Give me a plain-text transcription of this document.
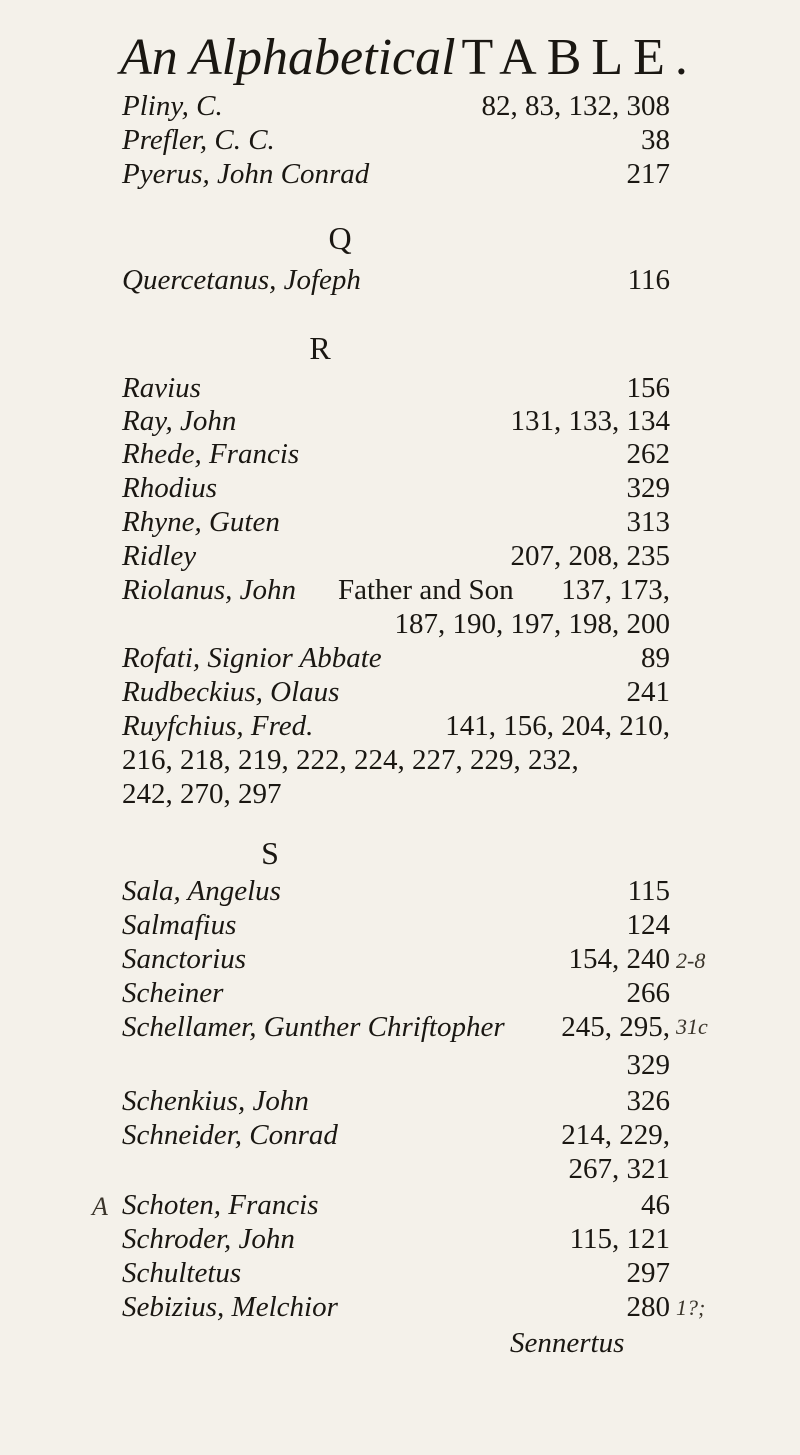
An Alphabetical TABLE.
Pliny, C.	82, 83, 132, 308
Prefler, C. C.	38
Pyerus, John Conrad	217
Q
Quercetanus, Jofeph	116
R
Ravius	156
Ray, John	131, 133, 134
Rhede, Francis	262
Rhodius	329
Rhyne, Guten	313
Ridley	207, 208, 235
Riolanus, John Father and Son 137, 173,
187, 190, 197, 198, 200
Rofati, Signior Abbate	89
Rudbeckius, Olaus	241
Ruyfchius, Fred.	141, 156, 204, 210,
216, 218, 219, 222, 224, 227, 229, 232,
242, 270, 297
S
Sala, Angelus	115
Salmafius	124
Sanctorius	154, 240
Scheiner	266
Schellamer, Gunther Chriftopher 245, 295,
329
Schenkius, John	326
Schneider, Conrad	214, 229,
267, 321
A Schoten, Francis	46
Schroder, John	115, 121
Schultetus	297
Sebizius, Melchior	280
2-8
31c
1?;
Sennertus
